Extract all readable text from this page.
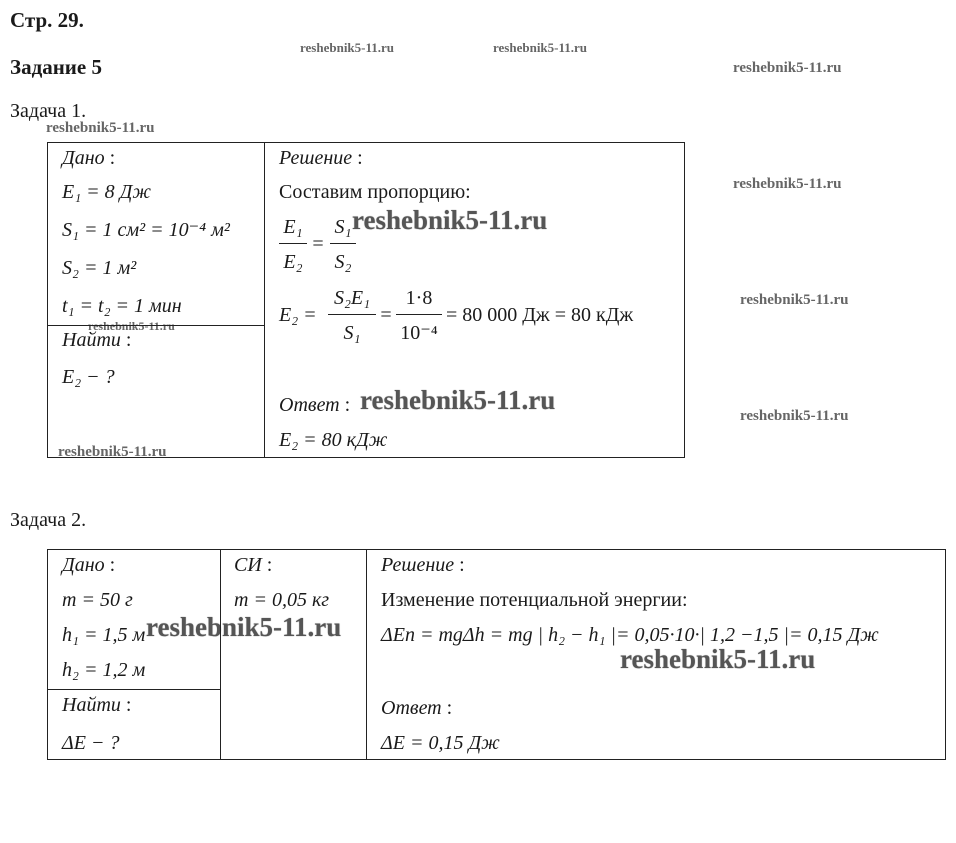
Стр. 29.
Задание 5
reshebnik5-11.ru	reshebnik5-11.ru
reshebnik5-11.ru
reshebnik5-11.ru
reshebnik5-11.ru
reshebnik5-11.ru
reshebnik5-11.ru
reshebnik5-11.ru
reshebnik5-11.ru
reshebnik5-11.ru
reshebnik5-11.ru
reshebnik5-11.ru
reshebnik5-11.ru
Задача 1.
Дано :
E₁ = 8 Дж
S₁ = 1 см² = 10⁻⁴ м²
S₂ = 1 м²
t₁ = t₂ = 1 мин
Найти :
E₂ − ?
Решение :
Составим пропорцию:
E₁
E₂
=
S₁
S₂
E₂ =
S₂E₁
S₁
=
1·8
10⁻⁴
= 80 000 Дж = 80 кДж
Ответ :
E₂ = 80 кДж
Задача 2.
Дано :
m = 50 г
h₁ = 1,5 м
h₂ = 1,2 м
Найти :
ΔE − ?
СИ :
m = 0,05 кг
Решение :
Изменение потенциальной энергии:
ΔEп = mgΔh = mg | h₂ − h₁ |= 0,05·10·| 1,2 −1,5 |= 0,15 Дж
Ответ :
ΔE = 0,15 Дж
